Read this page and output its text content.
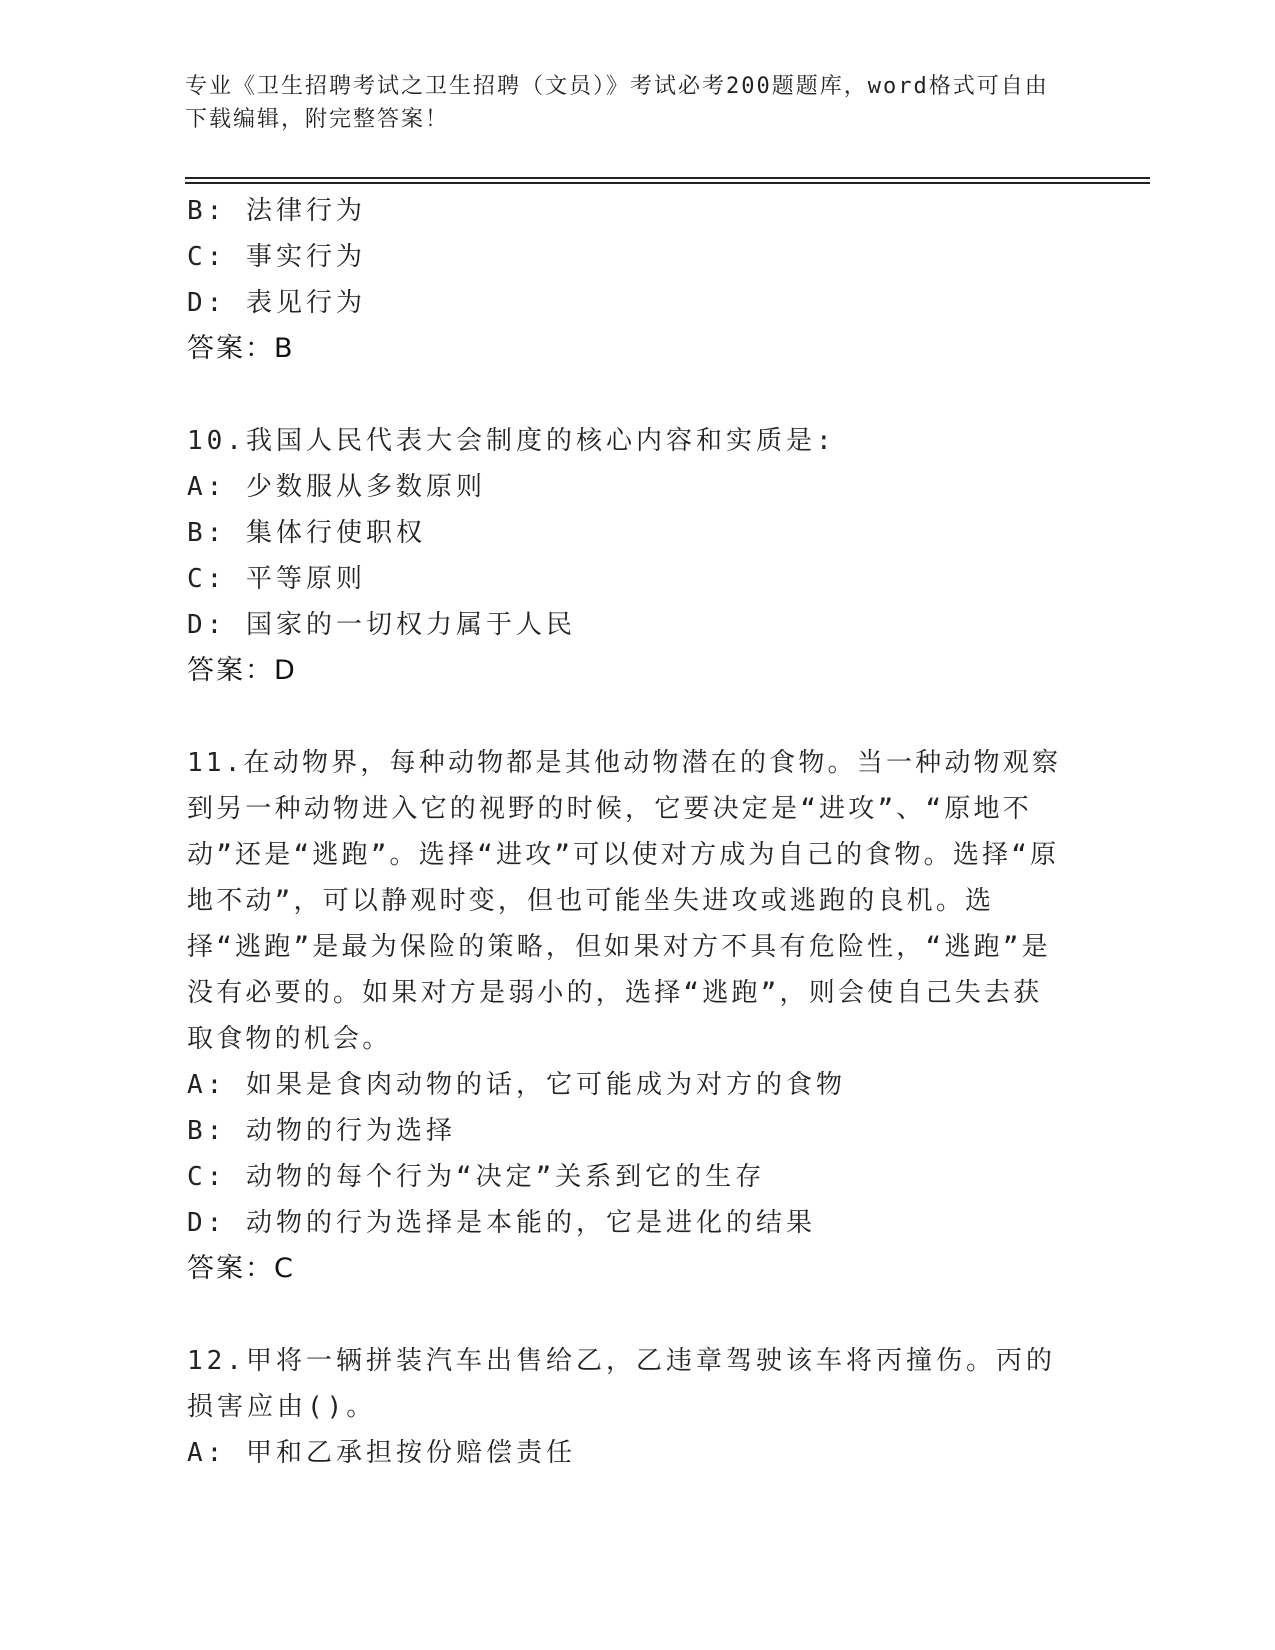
专业《卫生招聘考试之卫生招聘（文员）》考试必考200题题库，word格式可自由下载编辑，附完整答案！
B: 法律行为
C: 事实行为
D: 表见行为
答案：B
10.我国人民代表大会制度的核心内容和实质是:
A: 少数服从多数原则
B: 集体行使职权
C: 平等原则
D: 国家的一切权力属于人民
答案：D
11.在动物界，每种动物都是其他动物潜在的食物。当一种动物观察到另一种动物进入它的视野的时候，它要决定是“进攻”、“原地不动”还是“逃跑”。选择“进攻”可以使对方成为自己的食物。选择“原地不动”，可以静观时变，但也可能坐失进攻或逃跑的良机。选择“逃跑”是最为保险的策略，但如果对方不具有危险性，“逃跑”是没有必要的。如果对方是弱小的，选择“逃跑”，则会使自己失去获取食物的机会。
A: 如果是食肉动物的话，它可能成为对方的食物
B: 动物的行为选择
C: 动物的每个行为“决定”关系到它的生存
D: 动物的行为选择是本能的，它是进化的结果
答案：C
12.甲将一辆拼装汽车出售给乙，乙违章驾驶该车将丙撞伤。丙的损害应由()。
A: 甲和乙承担按份赔偿责任
